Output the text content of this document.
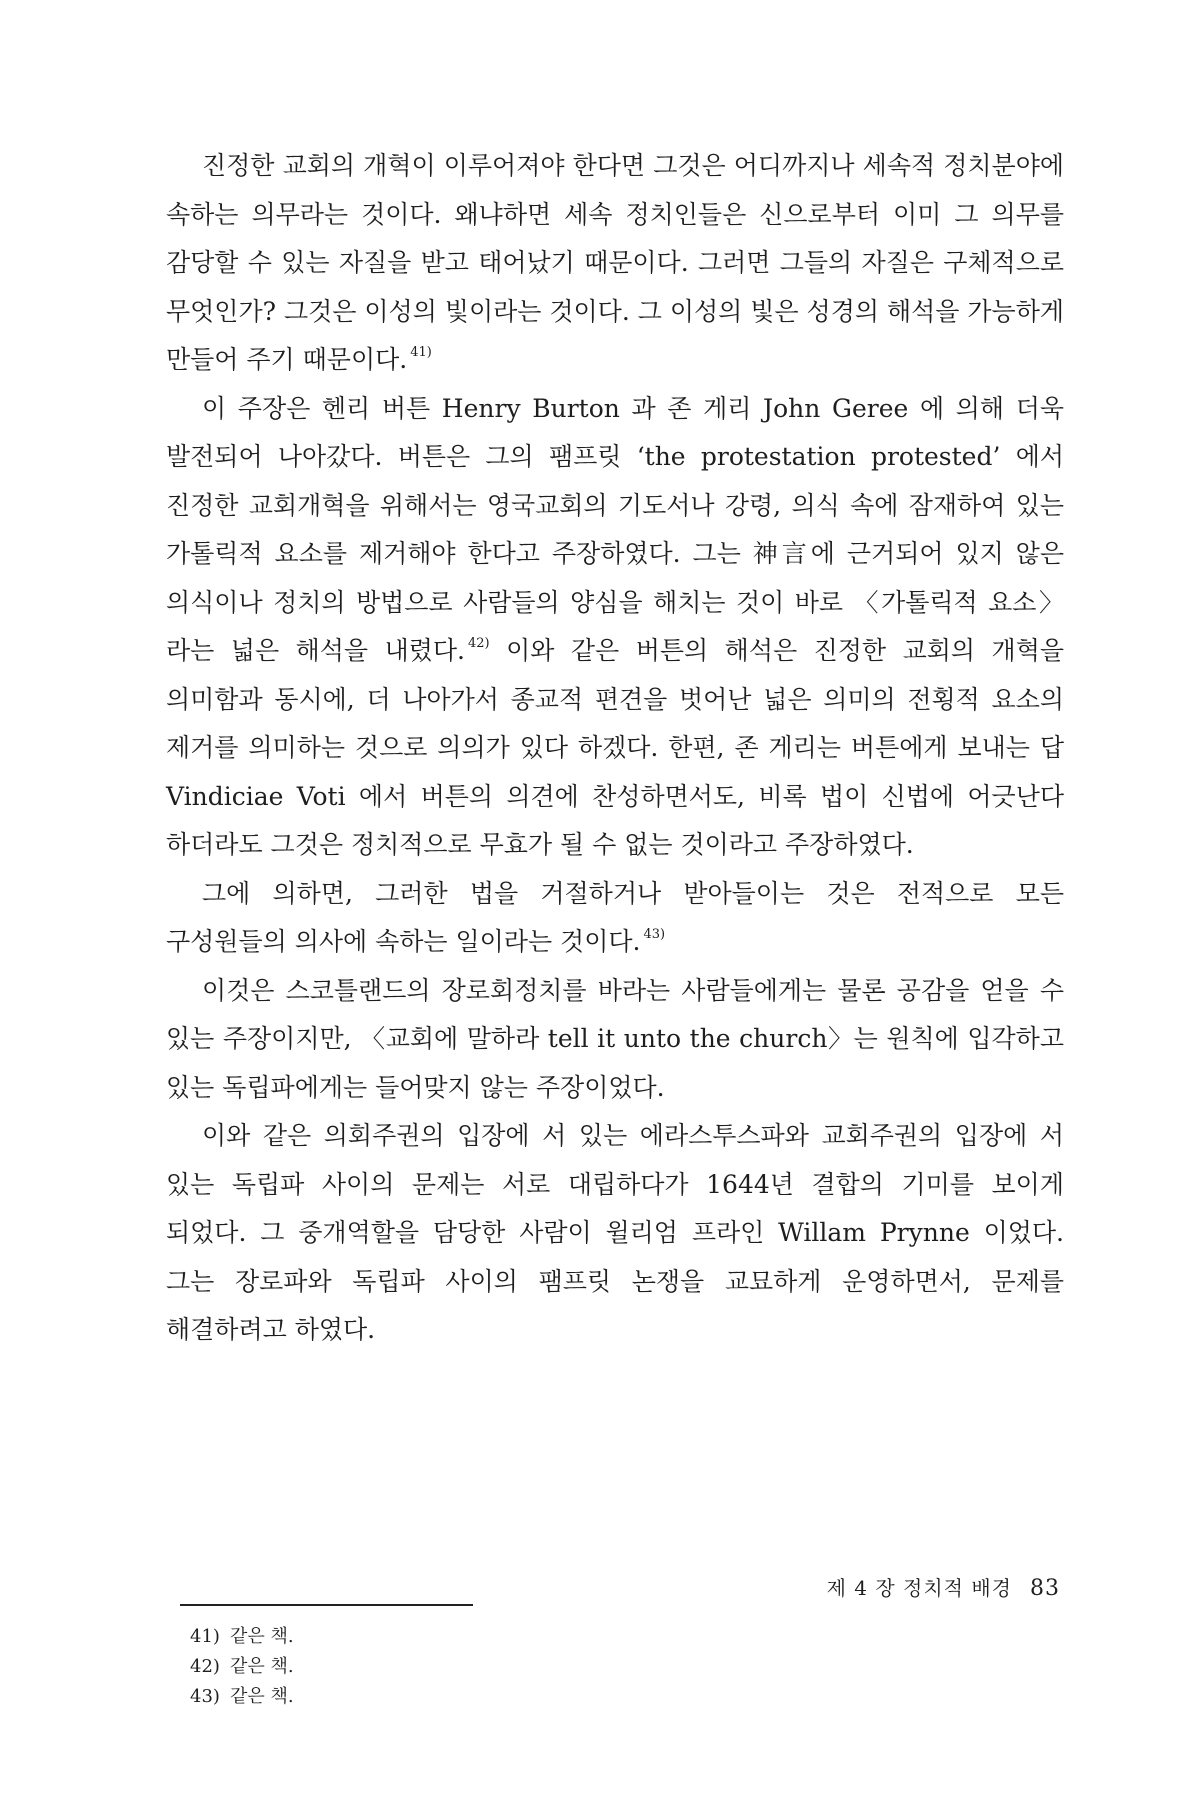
진정한 교회의 개혁이 이루어져야 한다면 그것은 어디까지나 세속적 정치분야에 속하는 의무라는 것이다. 왜냐하면 세속 정치인들은 신으로부터 이미 그 의무를 감당할 수 있는 자질을 받고 태어났기 때문이다. 그러면 그들의 자질은 구체적으로 무엇인가? 그것은 이성의 빛이라는 것이다. 그 이성의 빛은 성경의 해석을 가능하게 만들어 주기 때문이다. $^{41)}$

이 주장은 헨리 버튼 Henry Burton 과 존 게리 John Geree 에 의해 더욱 발전되어 나아갔다. 버튼은 그의 팸프릿 ‘the protestation protested’ 에서 진정한 교회개혁을 위해서는 영국교회의 기도서나 강령, 의식 속에 잠재하여 있는 가톨릭적 요소를 제거해야 한다고 주장하였다. 그는 神言에 근거되어 있지 않은 의식이나 정치의 방법으로 사람들의 양심을 해치는 것이 바로 〈가톨릭적 요소〉라는 넓은 해석을 내렸다. $^{42)}$ 이와 같은 버튼의 해석은 진정한 교회의 개혁을 의미함과 동시에, 더 나아가서 종교적 편견을 벗어난 넓은 의미의 전횡적 요소의 제거를 의미하는 것으로 의의가 있다 하겠다. 한편, 존 게리는 버튼에게 보내는 답 Vindiciae Voti 에서 버튼의 의견에 찬성하면서도, 비록 법이 신법에 어긋난다 하더라도 그것은 정치적으로 무효가 될 수 없는 것이라고 주장하였다.

그에 의하면, 그러한 법을 거절하거나 받아들이는 것은 전적으로 모든 구성원들의 의사에 속하는 일이라는 것이다. $^{43)}$

이것은 스코틀랜드의 장로회정치를 바라는 사람들에게는 물론 공감을 얻을 수 있는 주장이지만, 〈교회에 말하라 tell it unto the church〉는 원칙에 입각하고 있는 독립파에게는 들어맞지 않는 주장이었다.

이와 같은 의회주권의 입장에 서 있는 에라스투스파와 교회주권의 입장에 서 있는 독립파 사이의 문제는 서로 대립하다가 1644년 결합의 기미를 보이게 되었다. 그 중개역할을 담당한 사람이 윌리엄 프라인 Willam Prynne 이었다. 그는 장로파와 독립파 사이의 팸프릿 논쟁을 교묘하게 운영하면서, 문제를 해결하려고 하였다.

41) 같은 책.
42) 같은 책.
43) 같은 책.
제 4 장 정치적 배경 83
